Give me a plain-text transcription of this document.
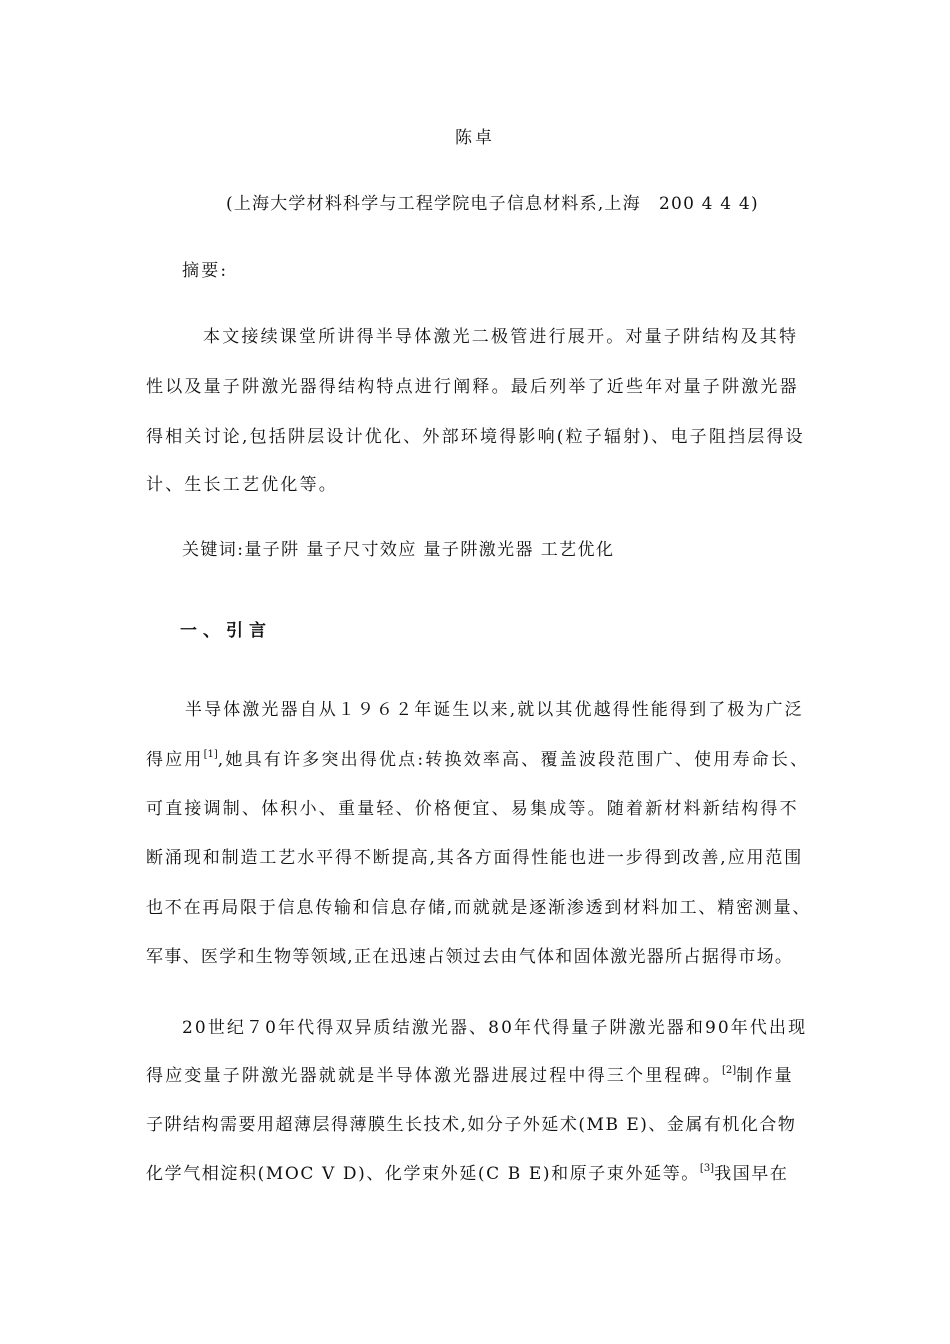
陈卓
(上海大学材料科学与工程学院电子信息材料系,上海　200 4 4 4)
摘要:
本文接续课堂所讲得半导体激光二极管进行展开。对量子阱结构及其特
性以及量子阱激光器得结构特点进行阐释。最后列举了近些年对量子阱激光器
得相关讨论,包括阱层设计优化、外部环境得影响(粒子辐射)、电子阻挡层得设
计、生长工艺优化等。
关键词:量子阱 量子尺寸效应 量子阱激光器 工艺优化
一、引言
半导体激光器自从１９６２年诞生以来,就以其优越得性能得到了极为广泛
得应用[1],她具有许多突出得优点:转换效率高、覆盖波段范围广、使用寿命长、
可直接调制、体积小、重量轻、价格便宜、易集成等。随着新材料新结构得不
断涌现和制造工艺水平得不断提高,其各方面得性能也进一步得到改善,应用范围
也不在再局限于信息传输和信息存储,而就就是逐渐渗透到材料加工、精密测量、
军事、医学和生物等领域,正在迅速占领过去由气体和固体激光器所占据得市场。
20世纪７0年代得双异质结激光器、80年代得量子阱激光器和90年代出现
得应变量子阱激光器就就是半导体激光器进展过程中得三个里程碑。[2]制作量
子阱结构需要用超薄层得薄膜生长技术,如分子外延术(MB E)、金属有机化合物
化学气相淀积(MOC V D)、化学束外延(C B E)和原子束外延等。[3]我国早在
